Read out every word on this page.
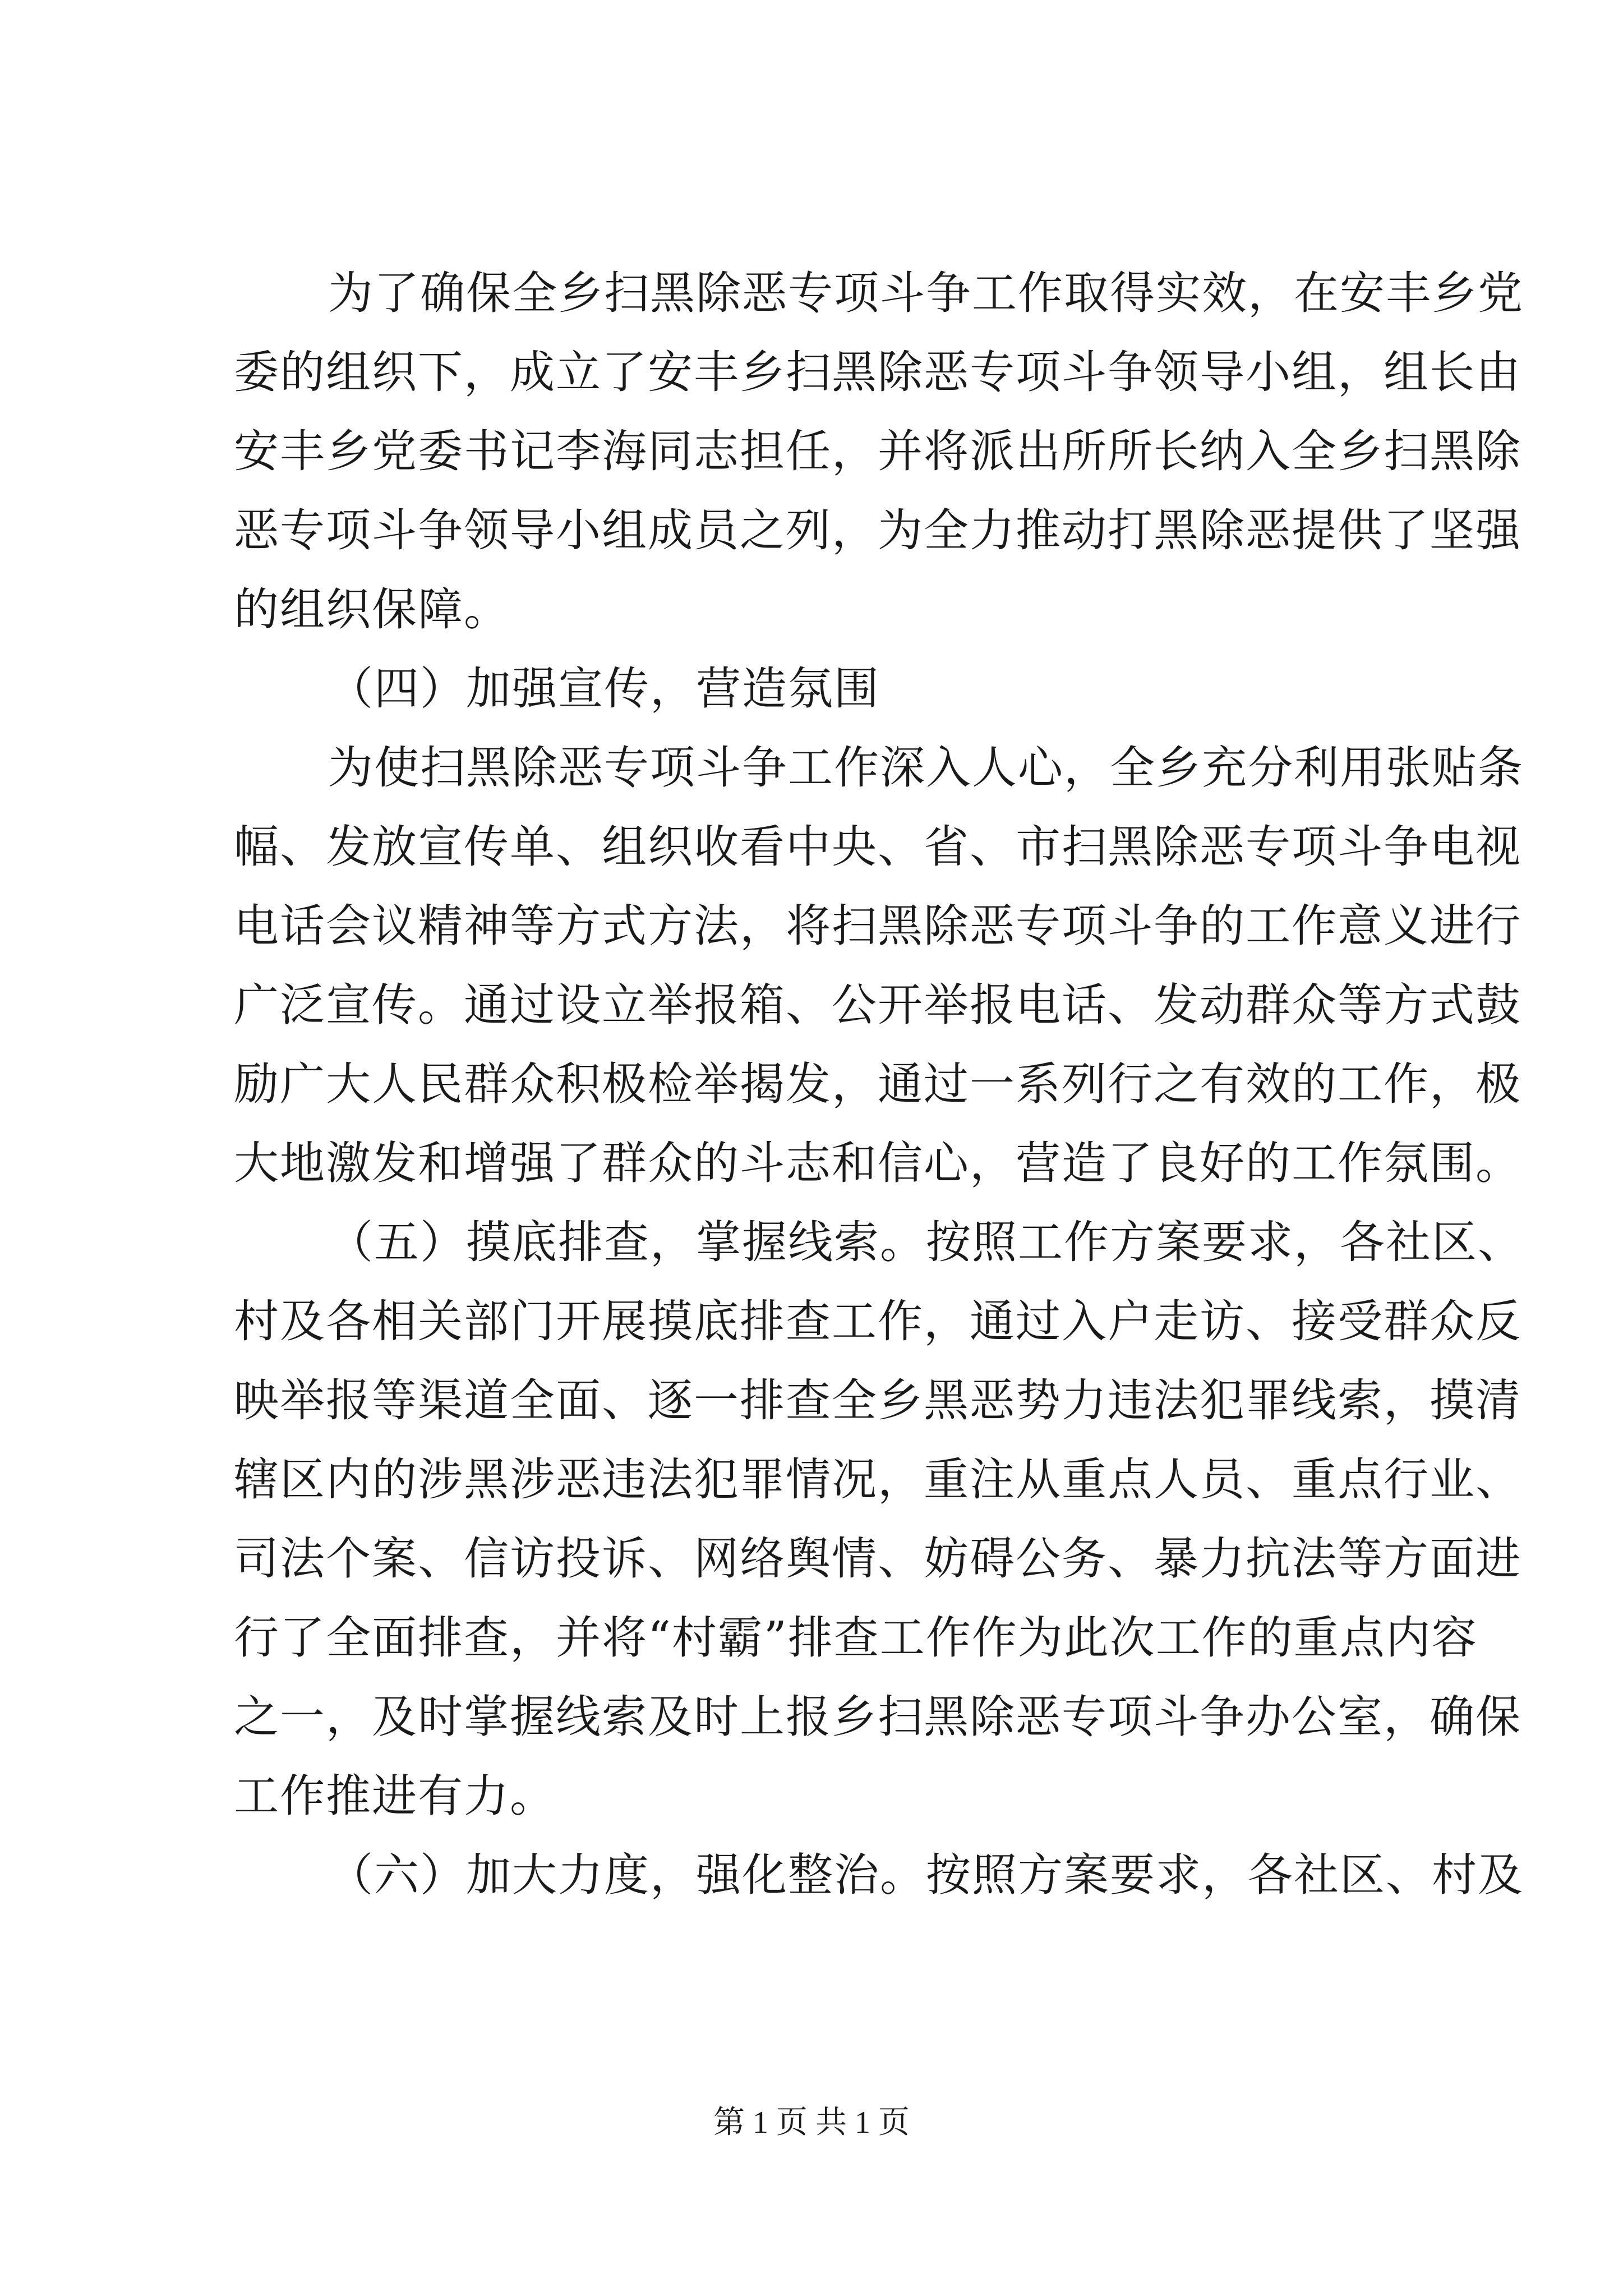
为了确保全乡扫黑除恶专项斗争工作取得实效，在安丰乡党
委的组织下，成立了安丰乡扫黑除恶专项斗争领导小组，组长由
安丰乡党委书记李海同志担任，并将派出所所长纳入全乡扫黑除
恶专项斗争领导小组成员之列，为全力推动打黑除恶提供了坚强
的组织保障。
（四）加强宣传，营造氛围
为使扫黑除恶专项斗争工作深入人心，全乡充分利用张贴条
幅、发放宣传单、组织收看中央、省、市扫黑除恶专项斗争电视
电话会议精神等方式方法，将扫黑除恶专项斗争的工作意义进行
广泛宣传。通过设立举报箱、公开举报电话、发动群众等方式鼓
励广大人民群众积极检举揭发，通过一系列行之有效的工作，极
大地激发和增强了群众的斗志和信心，营造了良好的工作氛围。
（五）摸底排查，掌握线索。按照工作方案要求，各社区、
村及各相关部门开展摸底排查工作，通过入户走访、接受群众反
映举报等渠道全面、逐一排查全乡黑恶势力违法犯罪线索，摸清
辖区内的涉黑涉恶违法犯罪情况，重注从重点人员、重点行业、
司法个案、信访投诉、网络舆情、妨碍公务、暴力抗法等方面进
行了全面排查，并将“村霸”排查工作作为此次工作的重点内容
之一，及时掌握线索及时上报乡扫黑除恶专项斗争办公室，确保
工作推进有力。
（六）加大力度，强化整治。按照方案要求，各社区、村及
第 1 页 共 1 页
